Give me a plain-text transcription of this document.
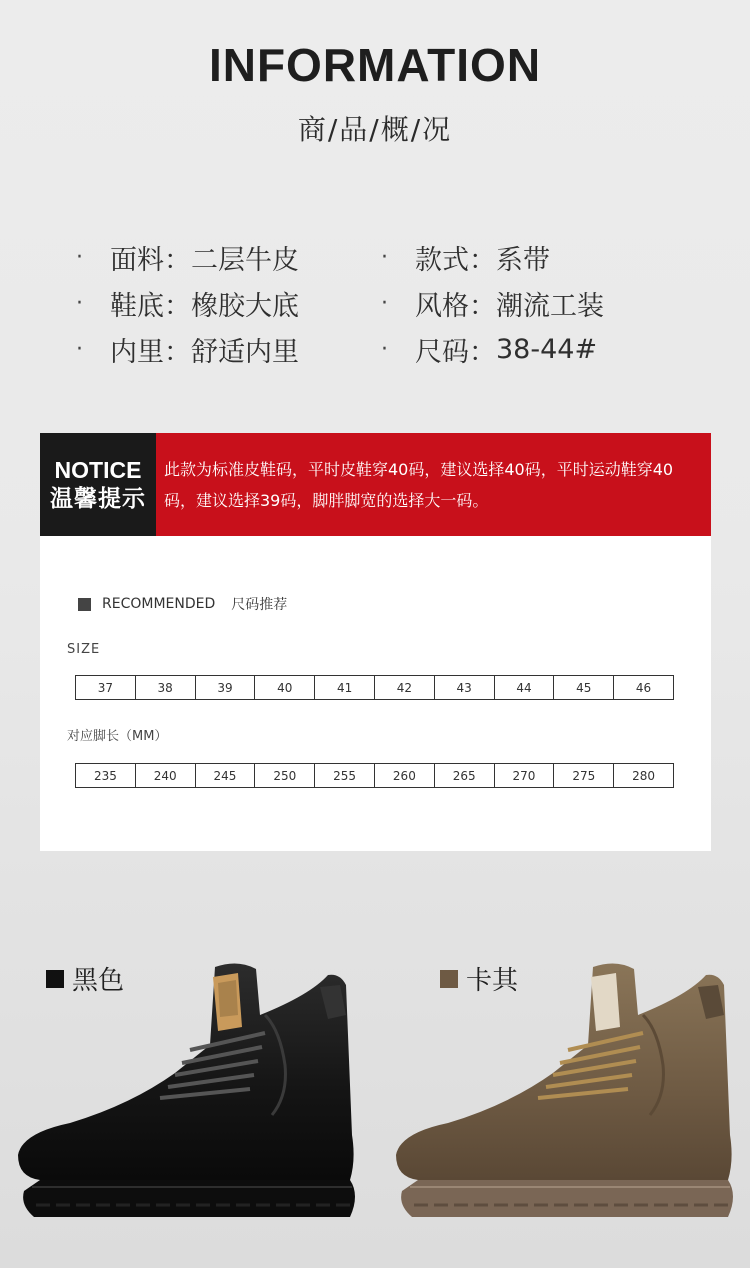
INFORMATION
商/品/概/况
·	面料： 二层牛皮	·	款式： 系带
·	鞋底： 橡胶大底	·	风格： 潮流工装
·	内里： 舒适内里	·	尺码： 38-44#
NOTICE
温馨提示
此款为标准皮鞋码，平时皮鞋穿40码，建议选择40码，平时运动鞋穿40码，建议选择39码，脚胖脚宽的选择大一码。
RECOMMENDED 尺码推荐
SIZE
37	38	39	40	41	42	43	44	45	46
对应脚长（MM）
235	240	245	250	255	260	265	270	275	280
黑色	卡其
